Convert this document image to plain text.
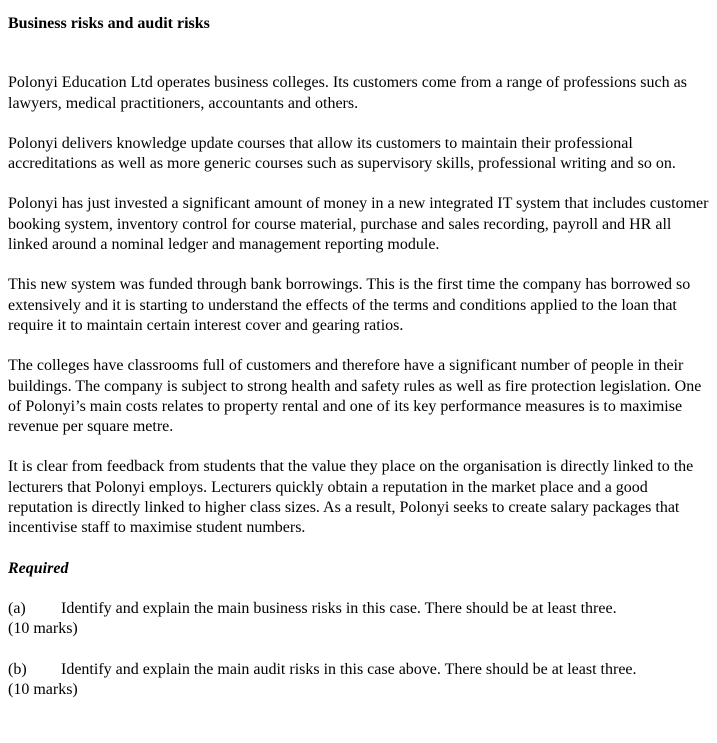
Business risks and audit risks
Polonyi Education Ltd operates business colleges. Its customers come from a range of professions such as lawyers, medical practitioners, accountants and others.
Polonyi delivers knowledge update courses that allow its customers to maintain their professional accreditations as well as more generic courses such as supervisory skills, professional writing and so on.
Polonyi has just invested a significant amount of money in a new integrated IT system that includes customer booking system, inventory control for course material, purchase and sales recording, payroll and HR all linked around a nominal ledger and management reporting module.
This new system was funded through bank borrowings. This is the first time the company has borrowed so extensively and it is starting to understand the effects of the terms and conditions applied to the loan that require it to maintain certain interest cover and gearing ratios.
The colleges have classrooms full of customers and therefore have a significant number of people in their buildings. The company is subject to strong health and safety rules as well as fire protection legislation. One of Polonyi’s main costs relates to property rental and one of its key performance measures is to maximise revenue per square metre.
It is clear from feedback from students that the value they place on the organisation is directly linked to the lecturers that Polonyi employs. Lecturers quickly obtain a reputation in the market place and a good reputation is directly linked to higher class sizes. As a result, Polonyi seeks to create salary packages that incentivise staff to maximise student numbers.
Required
(a) Identify and explain the main business risks in this case. There should be at least three.
(10 marks)
(b) Identify and explain the main audit risks in this case above. There should be at least three.
(10 marks)
